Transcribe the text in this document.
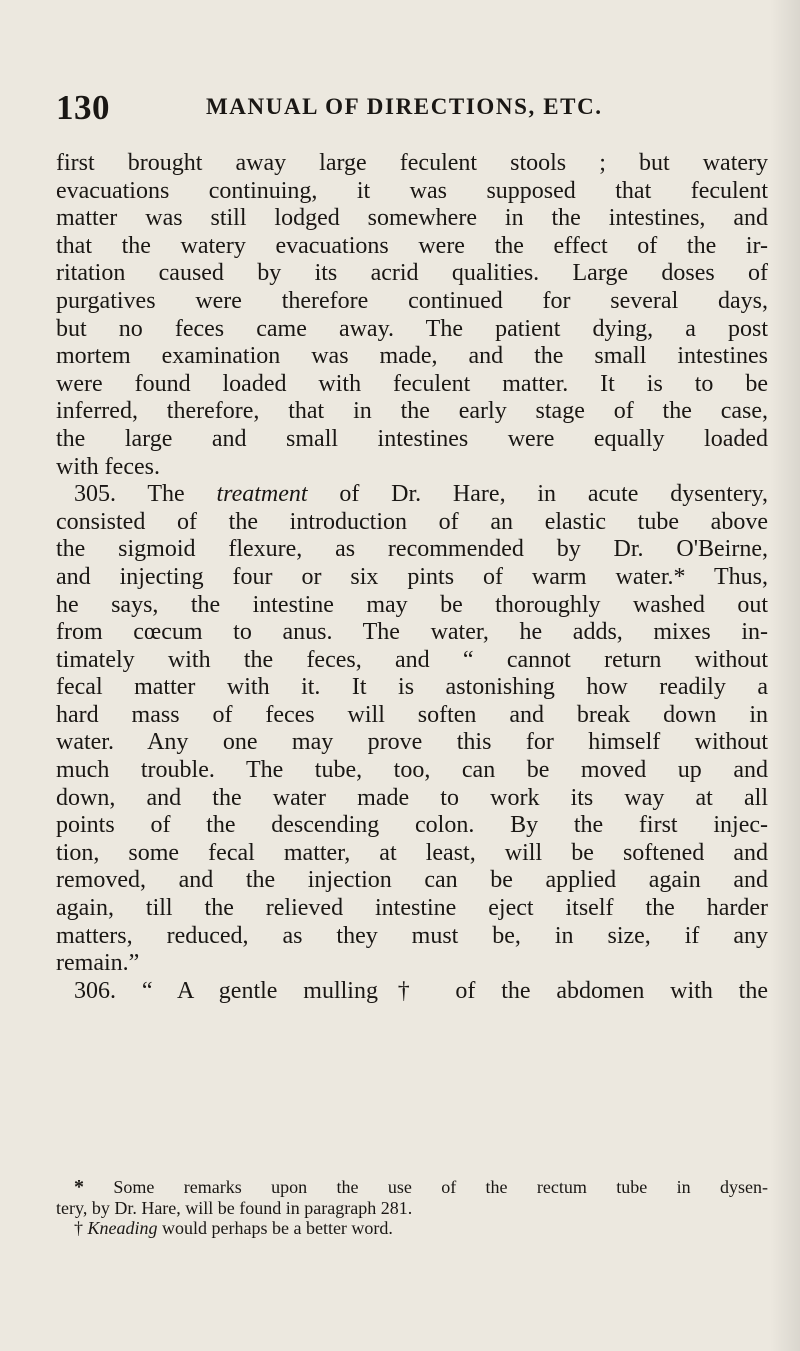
130	MANUAL OF DIRECTIONS, ETC.
first brought away large feculent stools ; but watery
evacuations continuing, it was supposed that feculent
matter was still lodged somewhere in the intestines, and
that the watery evacuations were the effect of the ir-
ritation caused by its acrid qualities. Large doses of
purgatives were therefore continued for several days,
but no feces came away. The patient dying, a post
mortem examination was made, and the small intestines
were found loaded with feculent matter. It is to be
inferred, therefore, that in the early stage of the case,
the large and small intestines were equally loaded
with feces.
305. The treatment of Dr. Hare, in acute dysentery,
consisted of the introduction of an elastic tube above
the sigmoid flexure, as recommended by Dr. O'Beirne,
and injecting four or six pints of warm water.* Thus,
he says, the intestine may be thoroughly washed out
from cœcum to anus. The water, he adds, mixes in-
timately with the feces, and “ cannot return without
fecal matter with it. It is astonishing how readily a
hard mass of feces will soften and break down in
water. Any one may prove this for himself without
much trouble. The tube, too, can be moved up and
down, and the water made to work its way at all
points of the descending colon. By the first injec-
tion, some fecal matter, at least, will be softened and
removed, and the injection can be applied again and
again, till the relieved intestine eject itself the harder
matters, reduced, as they must be, in size, if any
remain.”
306. “ A gentle mulling† of the abdomen with the
* Some remarks upon the use of the rectum tube in dysen-
tery, by Dr. Hare, will be found in paragraph 281.
† Kneading would perhaps be a better word.
